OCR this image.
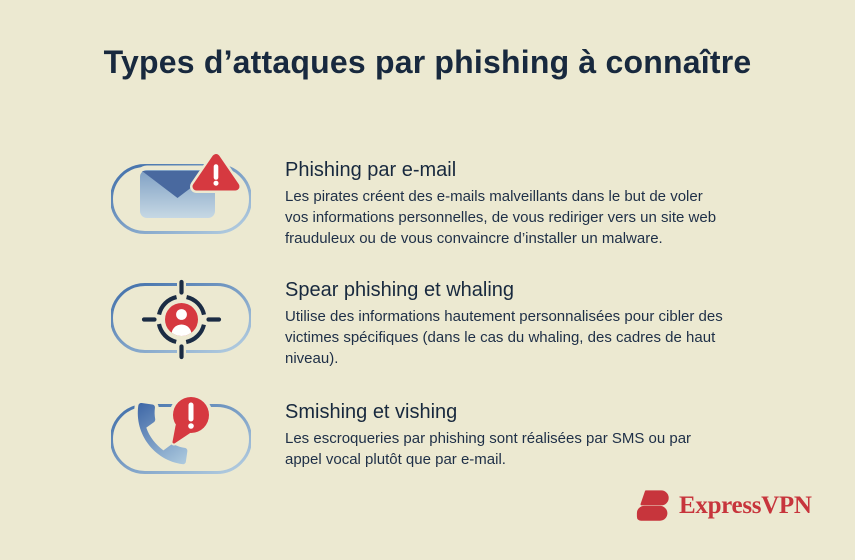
Types d’attaques par phishing à connaître
Phishing par e-mail

Les pirates créent des e-mails malveillants dans le but de voler vos informations personnelles, de vous rediriger vers un site web frauduleux ou de vous convaincre d’installer un malware.

Spear phishing et whaling

Utilise des informations hautement personnalisées pour cibler des victimes spécifiques (dans le cas du whaling, des cadres de haut niveau).

Smishing et vishing

Les escroqueries par phishing sont réalisées par SMS ou par appel vocal plutôt que par e-mail.

ExpressVPN
